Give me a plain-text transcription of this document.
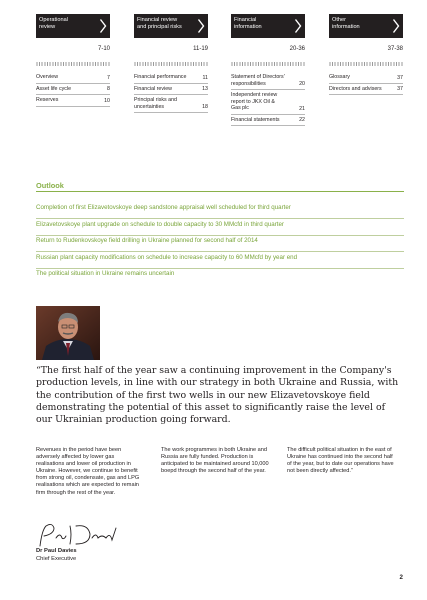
Operational
review
7-10
Overview	7
Asset life cycle	8
Reserves	10
Financial review
and principal risks
11-19
Financial performance	11
Financial review	13
Principal risks and uncertainties	18
Financial
information
20-36
Statement of Directors' responsibilities	20
Independent review report to JKX Oil & Gas plc	21
Financial statements	22
Other
information
37-38
Glossary	37
Directors and advisers	37
Outlook
Completion of first Elizavetovskoye deep sandstone appraisal well scheduled for third quarter
Elizavetovskoye plant upgrade on schedule to double capacity to 30 MMcfd in third quarter
Return to Rudenkovskoye field drilling in Ukraine planned for second half of 2014
Russian plant capacity modifications on schedule to increase capacity to 60 MMcfd by year end
The political situation in Ukraine remains uncertain
“The first half of the year saw a continuing improvement in the Company's production levels, in line with our strategy in both Ukraine and Russia, with the contribution of the first two wells in our new Elizavetovskoye field demonstrating the potential of this asset to significantly raise the level of our Ukrainian production going forward.
Revenues in the period have been adversely affected by lower gas realisations and lower oil production in Ukraine. However, we continue to benefit from strong oil, condensate, gas and LPG realisations which are expected to remain firm through the rest of the year.
The work programmes in both Ukraine and Russia are fully funded. Production is anticipated to be maintained around 10,000 boepd through the second half of the year.
The difficult political situation in the east of Ukraine has continued into the second half of the year, but to date our operations have not been directly affected.”
Dr Paul Davies
Chief Executive
2
